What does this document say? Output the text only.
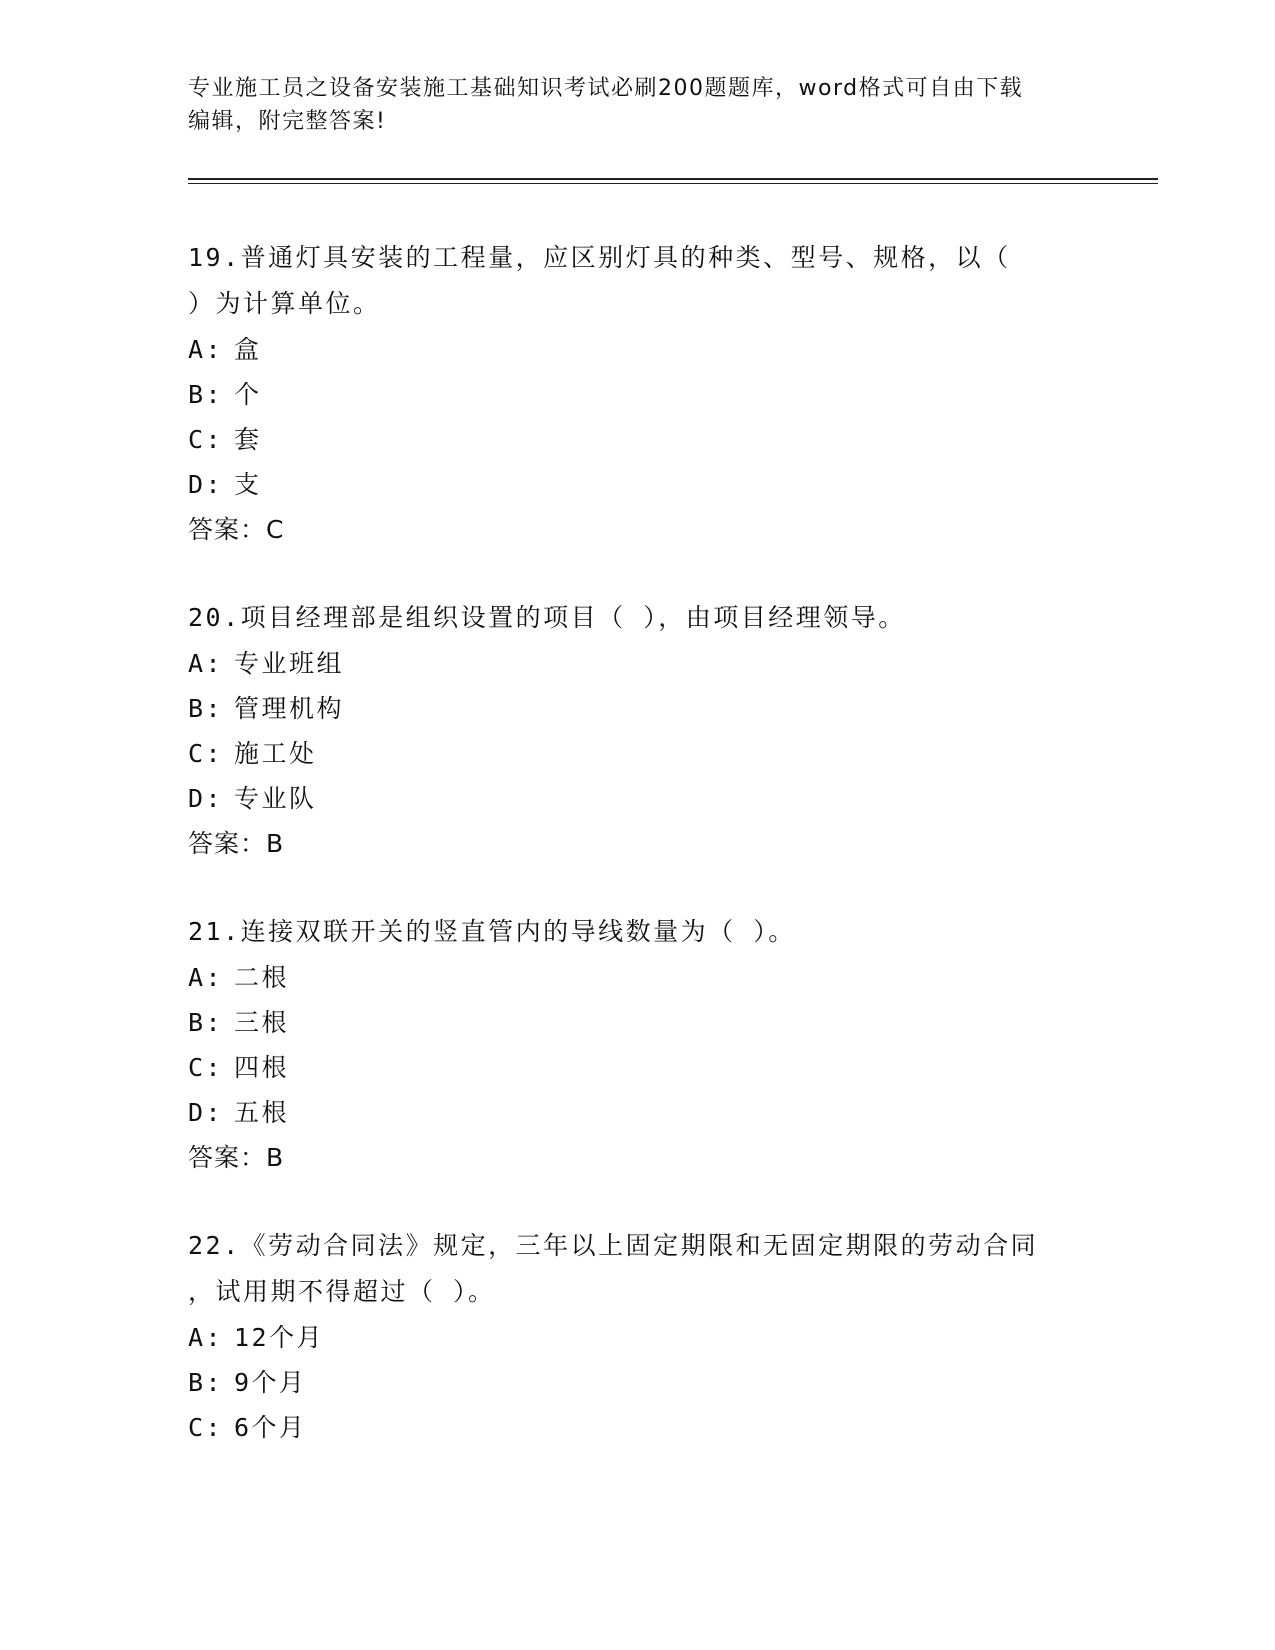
专业施工员之设备安装施工基础知识考试必刷200题题库，word格式可自由下载
编辑，附完整答案!
19.普通灯具安装的工程量，应区别灯具的种类、型号、规格，以（
）为计算单位。
A: 盒
B: 个
C: 套
D: 支
答案：C
20.项目经理部是组织设置的项目（ ），由项目经理领导。
A: 专业班组
B: 管理机构
C: 施工处
D: 专业队
答案：B
21.连接双联开关的竖直管内的导线数量为（ ）。
A: 二根
B: 三根
C: 四根
D: 五根
答案：B
22.《劳动合同法》规定，三年以上固定期限和无固定期限的劳动合同
，试用期不得超过（ ）。
A: 12个月
B: 9个月
C: 6个月
